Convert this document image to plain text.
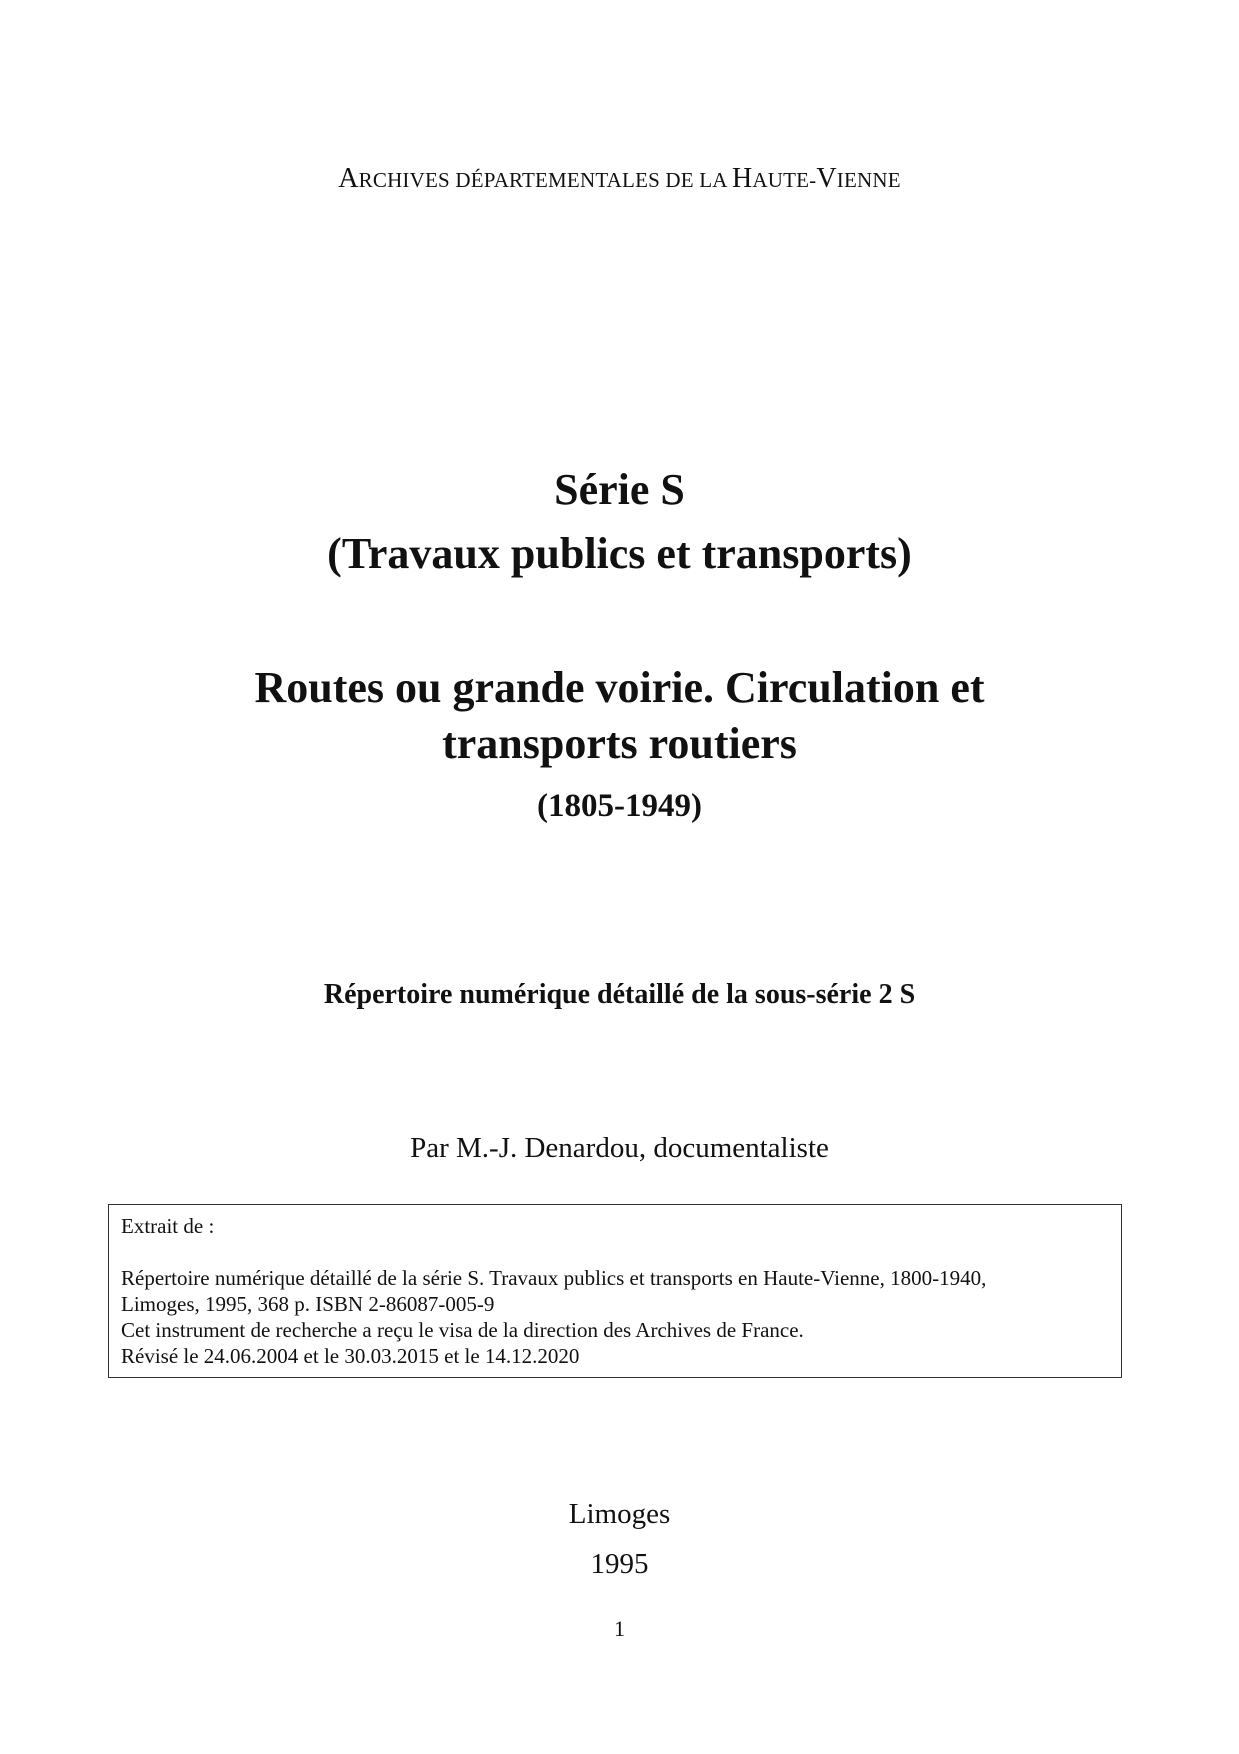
ARCHIVES DÉPARTEMENTALES DE LA HAUTE-VIENNE
Série S
(Travaux publics et transports)
Routes ou grande voirie. Circulation et
transports routiers
(1805-1949)
Répertoire numérique détaillé de la sous-série 2 S
Par M.-J. Denardou, documentaliste
Extrait de :
Répertoire numérique détaillé de la série S. Travaux publics et transports en Haute-Vienne, 1800-1940,
Limoges, 1995, 368 p. ISBN 2-86087-005-9
Cet instrument de recherche a reçu le visa de la direction des Archives de France.
Révisé le 24.06.2004 et le 30.03.2015 et le 14.12.2020
Limoges
1995
1
